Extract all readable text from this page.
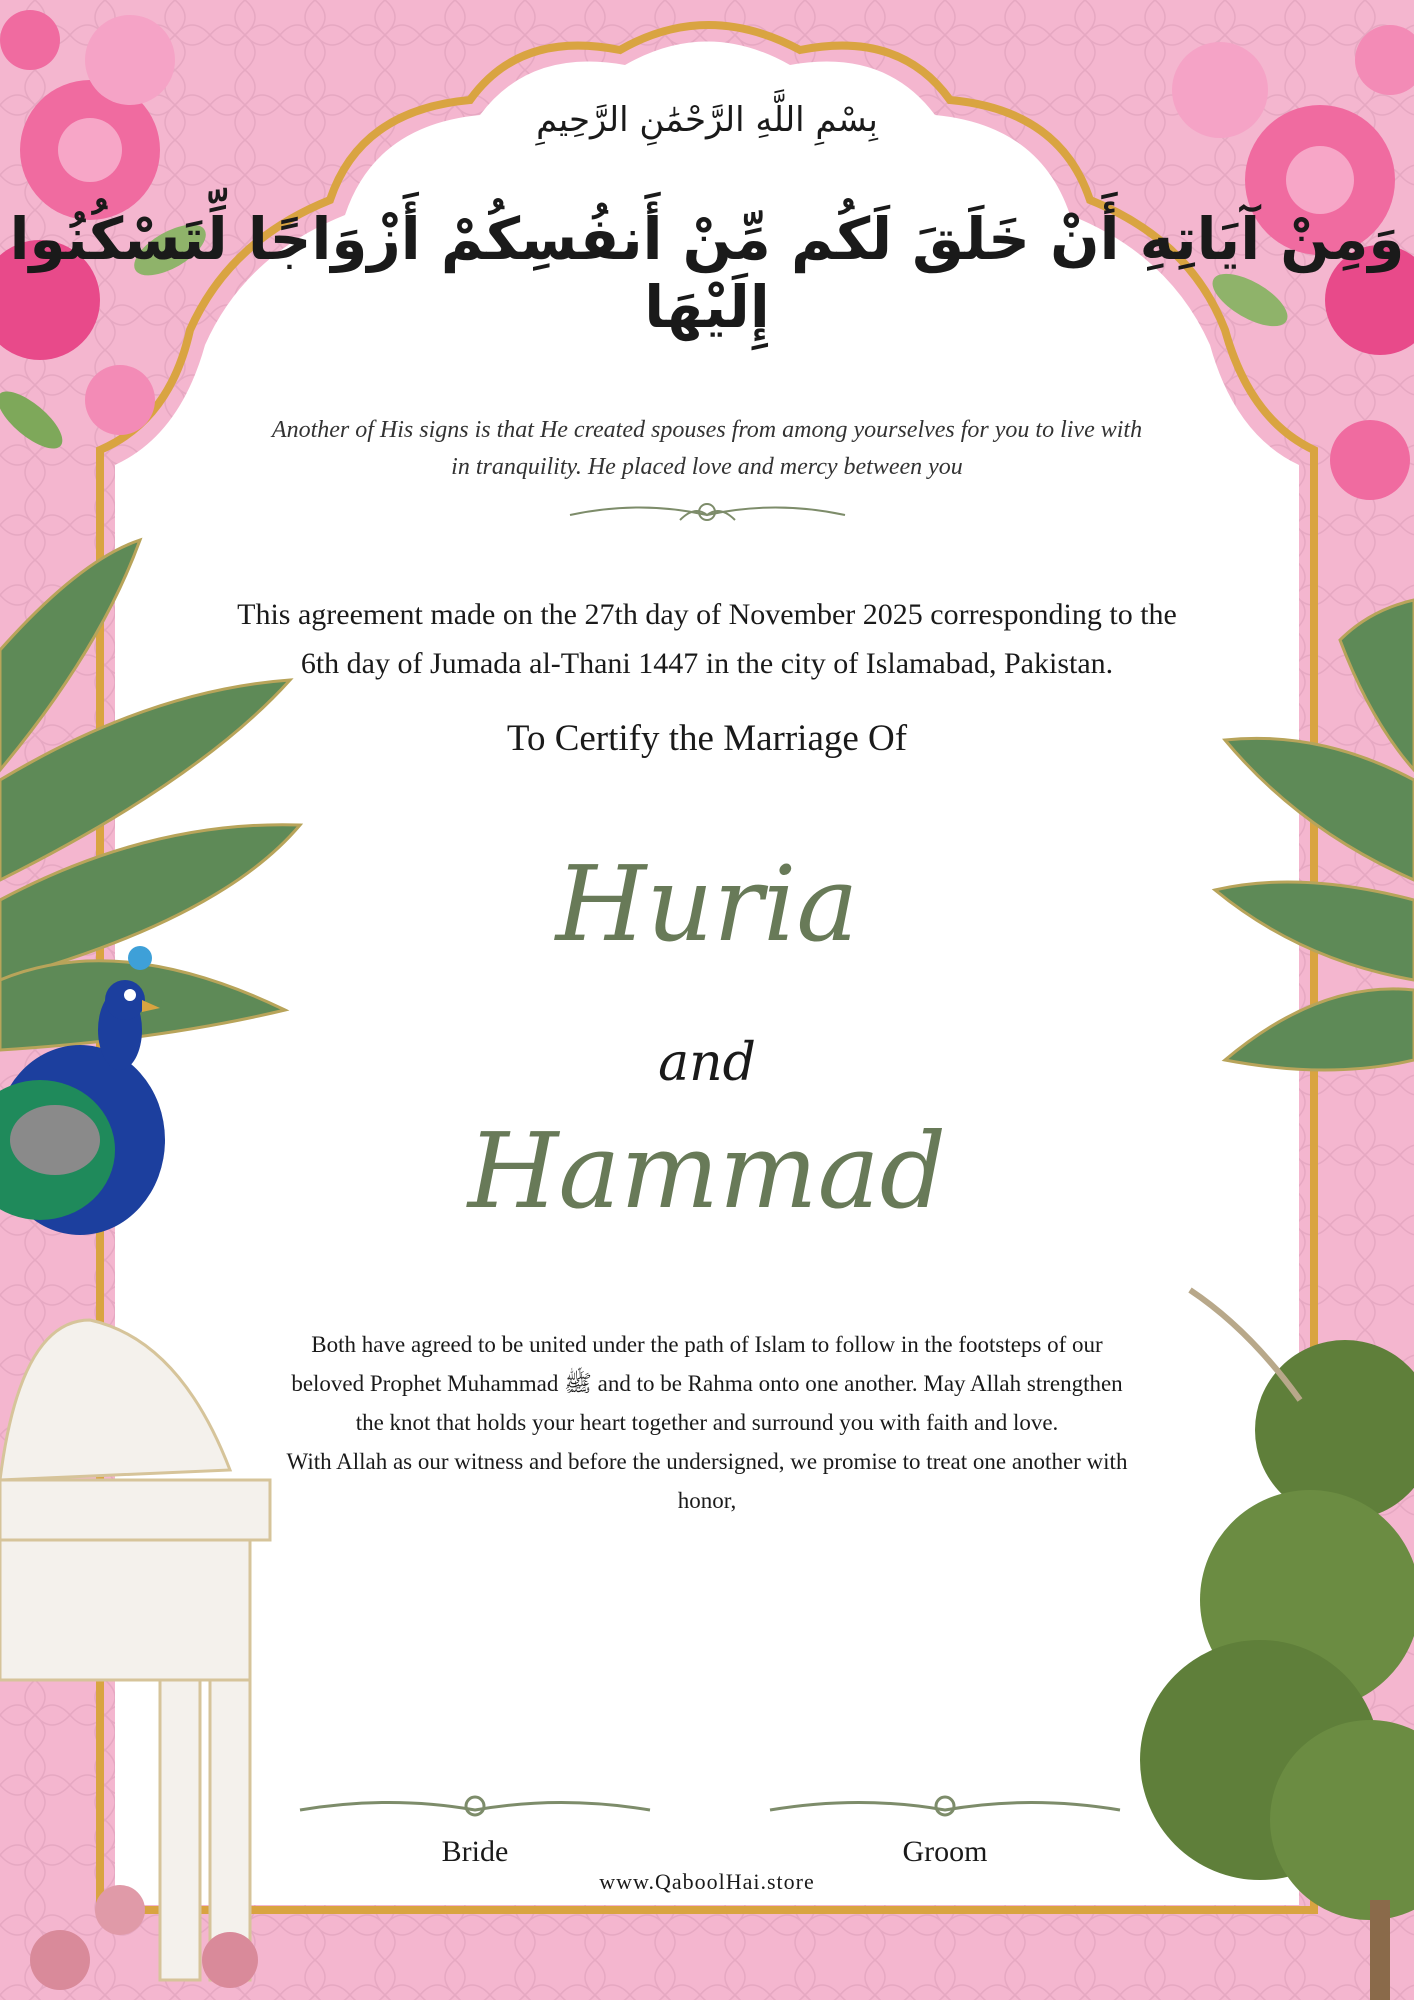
بِسْمِ اللَّهِ الرَّحْمَٰنِ الرَّحِيمِ
وَمِنْ آيَاتِهِ أَنْ خَلَقَ لَكُم مِّنْ أَنفُسِكُمْ أَزْوَاجًا لِّتَسْكُنُوا إِلَيْهَا
Another of His signs is that He created spouses from among yourselves for you to live with in tranquility. He placed love and mercy between you
This agreement made on the 27th day of November 2025 corresponding to the 6th day of Jumada al-Thani 1447 in the city of Islamabad, Pakistan.
To Certify the Marriage Of
Huria
and
Hammad
Both have agreed to be united under the path of Islam to follow in the footsteps of our beloved Prophet Muhammad ﷺ and to be Rahma onto one another. May Allah strengthen the knot that holds your heart together and surround you with faith and love.
With Allah as our witness and before the undersigned, we promise to treat one another with honor,
Bride	Groom
www.QaboolHai.store
